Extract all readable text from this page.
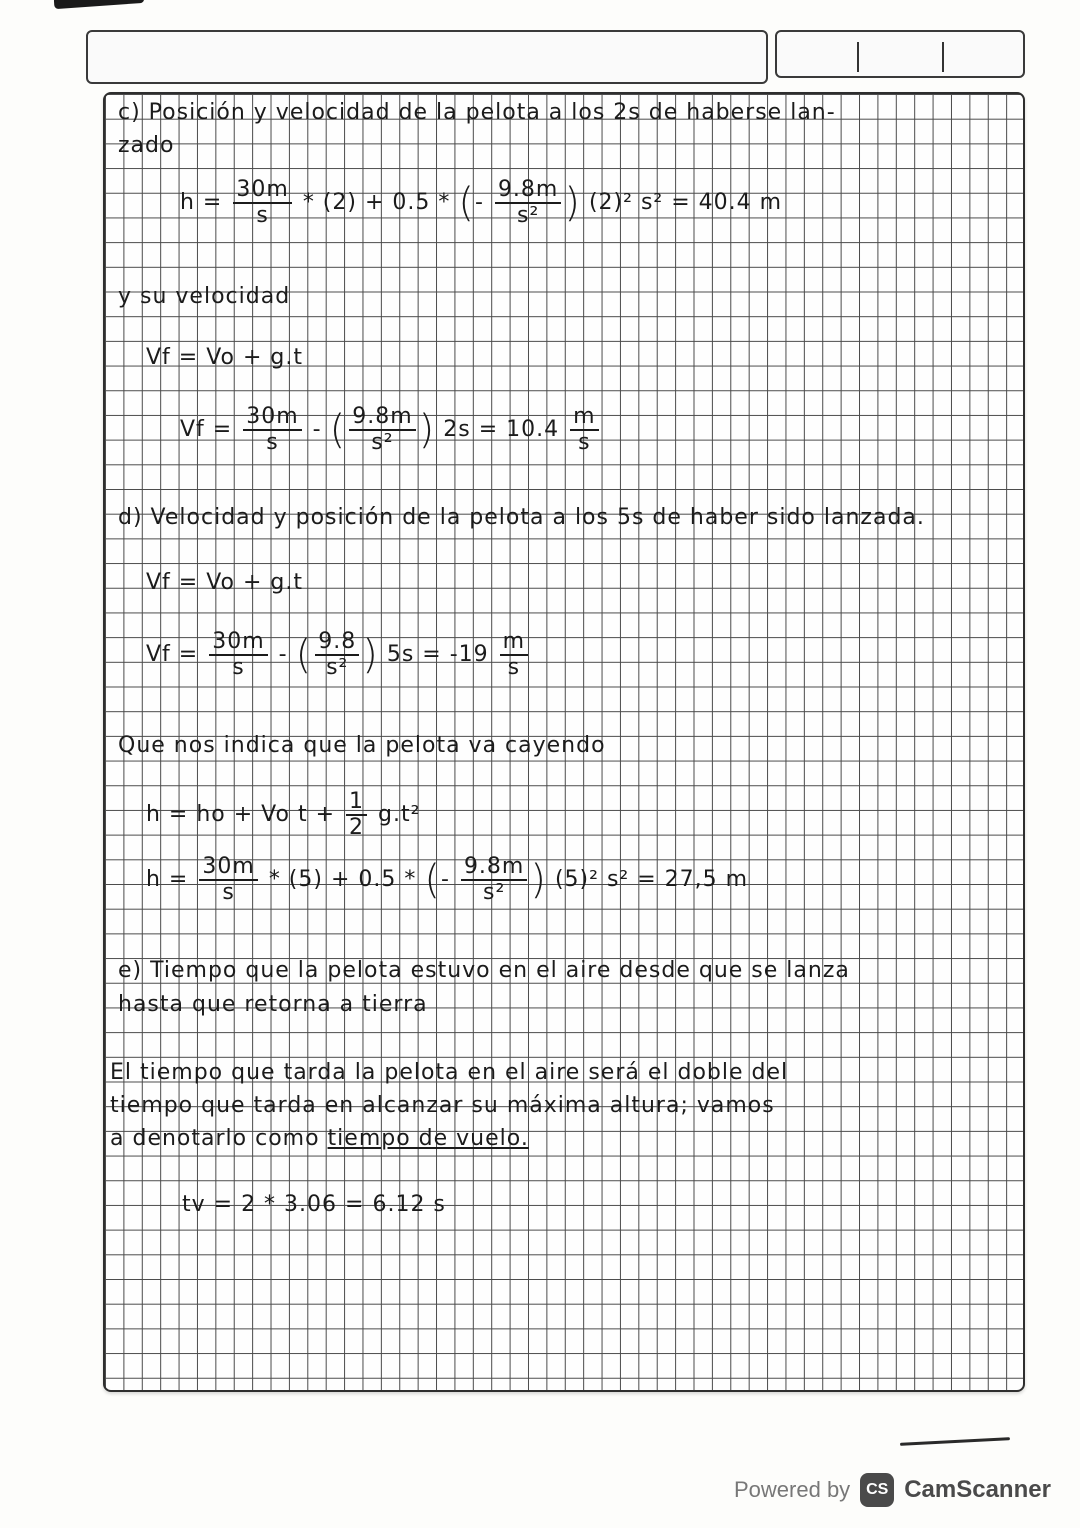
c) Posición y velocidad de la pelota a los 2s de haberse lan-
zado
$h = \frac{30m}{s} * (2) + 0.5$ * (- $\frac{9.8m}{\text{s²}}$ ) (2)² s² = 40.4 m
y su velocidad
Vf = Vo + g.t
$Vf = \frac{30m}{s}$ - ( $\frac{9.8m}{\text{s²}}$ ) $2s = 10.4 \frac{m}{s}$
d) Velocidad y posición de la pelota a los 5s de haber sido lanzada.
Vf = Vo + g.t
$Vf = \frac{30m}{s}$ - ( $\frac{9.8}{\text{s²}}$ ) $5s = -19 \frac{m}{s}$
Que nos indica que la pelota va cayendo
h = ho + Vo $t + \frac{1}{2} g.t^2$
$h = \frac{30m}{s} * (5) + 0.5$ * (- $\frac{9.8m}{\text{s²}}$ ) (5)² s² = 27,5 m
e) Tiempo que la pelota estuvo en el aire desde que se lanza
hasta que retorna a tierra
El tiempo que tarda la pelota en el aire será el doble del
tiempo que tarda en alcanzar su máxima altura; vamos
a denotarlo como tiempo de vuelo.
tv = 2 * 3.06 = 6.12 s
Powered by CS CamScanner
